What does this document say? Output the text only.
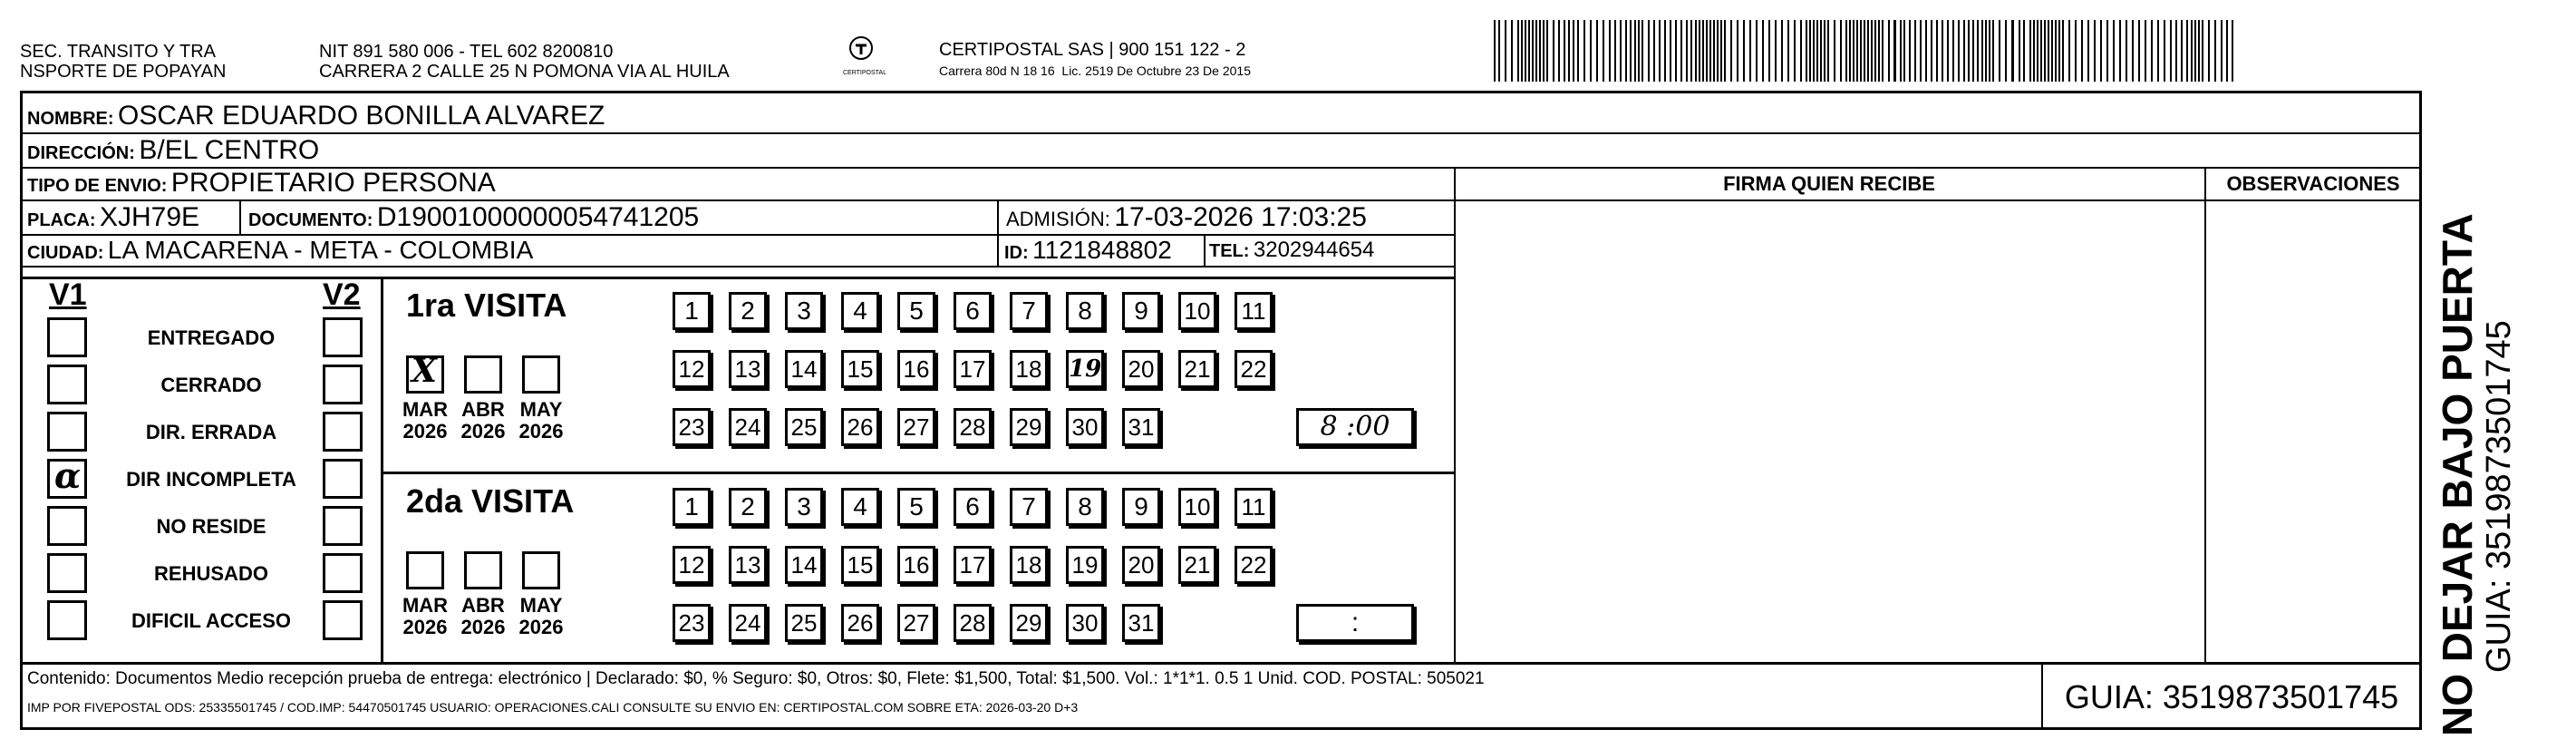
SEC. TRANSITO Y TRA
NSPORTE DE POPAYAN
NIT 891 580 006 - TEL 602 8200810
CARRERA 2 CALLE 25 N POMONA VIA AL HUILA	CERTIPOSTAL
CERTIPOSTAL SAS | 900 151 122 - 2
Carrera 80d N 18 16  Lic. 2519 De Octubre 23 De 2015
NOMBRE: OSCAR EDUARDO BONILLA ALVAREZ
DIRECCIÓN: B/EL CENTRO
TIPO DE ENVIO: PROPIETARIO PERSONA
PLACA: XJH79E	DOCUMENTO: D19001000000054741205	ADMISIÓN: 17-03-2026 17:03:25
CIUDAD: LA MACARENA - META - COLOMBIA	ID: 1121848802 TEL: 3202944654
FIRMA QUIEN RECIBE	OBSERVACIONES
V1	V2
ENTREGADO
CERRADO
DIR. ERRADA
DIR INCOMPLETA
α
NO RESIDE
REHUSADO
DIFICIL ACCESO
1ra VISITA
MAR
2026
ABR
2026
MAY
2026
X
1	2	3	4	5	6	7	8	9	10 11
12 13 14 15 16 17 18 19 20 21 22
23 24 25 26 27 28 29 30 31	8 :00
2da VISITA
MAR
2026
ABR
2026
MAY
2026
1	2	3	4	5	6	7	8	9	10 11
12 13 14 15 16 17 18 19 20 21 22
23 24 25 26 27 28 29 30 31	:
Contenido: Documentos Medio recepción prueba de entrega: electrónico | Declarado: $0, % Seguro: $0, Otros: $0, Flete: $1,500, Total: $1,500. Vol.: 1*1*1. 0.5 1 Unid. COD. POSTAL: 505021
IMP POR FIVEPOSTAL ODS: 25335501745 / COD.IMP: 54470501745 USUARIO: OPERACIONES.CALI CONSULTE SU ENVIO EN: CERTIPOSTAL.COM SOBRE ETA: 2026-03-20 D+3	GUIA: 3519873501745 NO DEJAR BAJO PUERTA GUIA: 3519873501745
